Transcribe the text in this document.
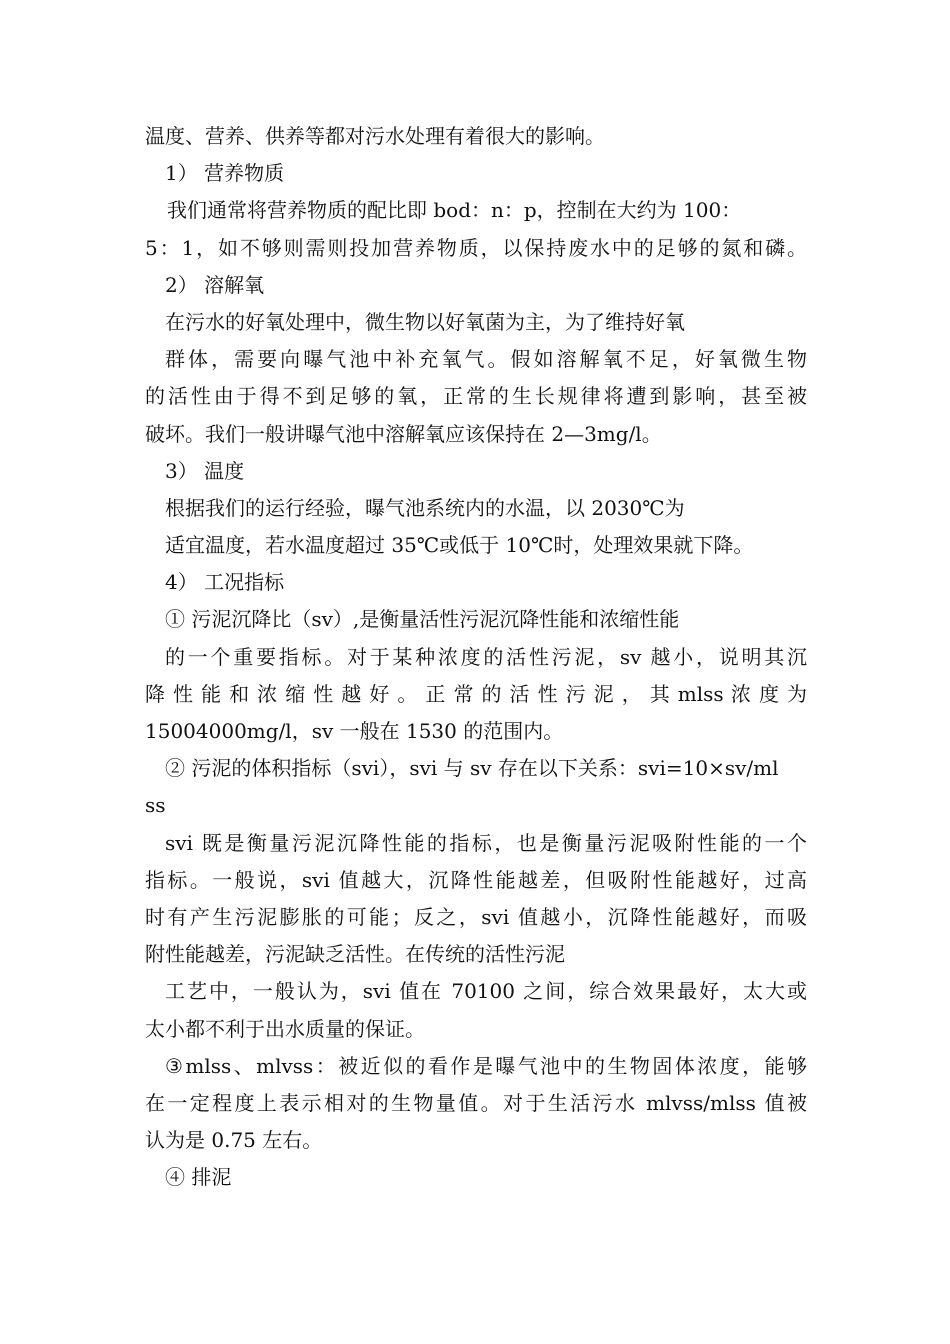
温度、营养、供养等都对污水处理有着很大的影响。
1） 营养物质
我们通常将营养物质的配比即 bod：n：p，控制在大约为 100：
5：1，如不够则需则投加营养物质，以保持废水中的足够的氮和磷。
2） 溶解氧
在污水的好氧处理中，微生物以好氧菌为主，为了维持好氧
群体，需要向曝气池中补充氧气。假如溶解氧不足，好氧微生物
的活性由于得不到足够的氧，正常的生长规律将遭到影响，甚至被
破坏。我们一般讲曝气池中溶解氧应该保持在 2—3mg/l。
3） 温度
根据我们的运行经验，曝气池系统内的水温，以 2030℃为
适宜温度，若水温度超过 35℃或低于 10℃时，处理效果就下降。
4） 工况指标
① 污泥沉降比（sv）,是衡量活性污泥沉降性能和浓缩性能
的一个重要指标。对于某种浓度的活性污泥，sv 越小，说明其沉
降 性 能 和 浓 缩 性 越 好 。 正 常 的 活 性 污 泥 ， 其 mlss 浓 度 为
15004000mg/l，sv 一般在 1530 的范围内。
② 污泥的体积指标（svi），svi 与 sv 存在以下关系：svi=10×sv/ml
ss
svi 既是衡量污泥沉降性能的指标，也是衡量污泥吸附性能的一个
指标。一般说，svi 值越大，沉降性能越差，但吸附性能越好，过高
时有产生污泥膨胀的可能；反之，svi 值越小，沉降性能越好，而吸
附性能越差，污泥缺乏活性。在传统的活性污泥
工艺中，一般认为，svi 值在 70100 之间，综合效果最好，太大或
太小都不利于出水质量的保证。
③mlss、mlvss：被近似的看作是曝气池中的生物固体浓度，能够
在一定程度上表示相对的生物量值。对于生活污水 mlvss/mlss 值被
认为是 0.75 左右。
④ 排泥
